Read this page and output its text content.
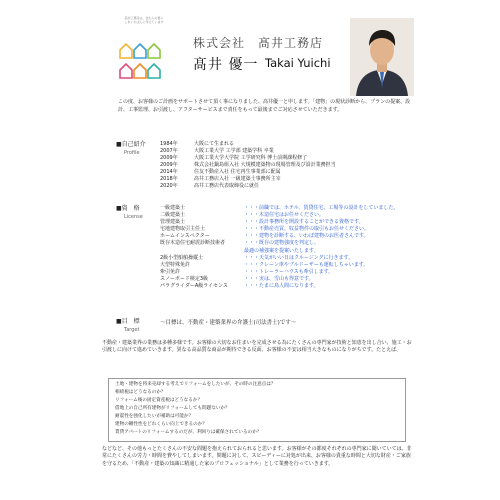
高井工務店は、住む人の暮らしをいちばんに考えています
株式会社　髙井工務店
髙井 優一 Takai Yuichi
この度、お客様のご計画をサポートさせて頂く事になりました、髙井優一と申します。「建物」の現状診断から、プランの提案、設計、工事監理、お引渡し、アフターサービスまで責任をもって最後までご対応させていただきます。
■自己紹介
Profile
1984年	大阪にて生まれる
2007年	大阪工業大学 工学部 建築学科 卒業
2009年	大阪工業大学大学院 工学研究科 博士前期課程修了
2009年	株式会社鍋島組入社 大規模建築物の現場管理及び設計業務担当
2014年	住友不動産入社 住宅再生事業部に配属
2018年	髙井工務店入社 一級建築士事務所主宰
2020年	髙井工務店代表取締役に就任
■資　格
License
一級建築士	・・・前職では、ホテル、賃貸住宅、工場等の設計をしていました。
二級建築士	・・・木造住宅はお任せください。
管理建築士	・・・設計事務所を開設することができる資格です。
宅地建物取引主任士	・・・不動産売買、収益物件の取引もお任せください。
ホームインスペクター	・・・建物を診断する、いわば建物のお医者さんです。
既存木造住宅耐震診断技術者	・・・既存の建物強度を判定し、
最適の補強案を提案いたします。
2級小型船舶操縦士	・・・天気がいい日はクルージングに行きます。
大型特殊免許	・・・クレーン車やブルドーザーも運転しちゃいます。
牽引免許	・・・トレーラーハウスも牽引します。
スノーボード検定3級	・・・実は、雪山も得意です。
パラグライダーA級ライセンス	・・・たまに鳥人間になります。
■目　標
Target
～目標は、不動産・建築業界の弁護士(司法書士)です～
不動産・建築業界の業務は多種多様です。お客様の大切なお住まいを完成させる為にたくさんの専門家が技術と知恵を出し合い、施工・お引渡しに向けて進めていきます。異なる高品質な商品が期待できる反面、お客様の不安は相当大きなものになりがちです。たとえば、
土地・建物を将来売却する考えでリフォームをしたいが、その時の注意点は？
相続税はどうなるのか？
リフォーム後の固定資産税はどうなるか？
借地上の自己所有建物がリフォームしても問題ないか？
耐震性を強化したいが補助は可能か？
建物の剛性性をどれくらい向上できるのか？
賃貸アパートのリフォームするのだが、利回りは確保されているのか？
などなど、その他もっとたくさんの不安な問題を抱えられておられると思います。お客様がその都度それぞれの専門家に聞いていては、非常にたくさんの労力・時間を費やしてしまいます。問題に対して、スピーディーに対処が出来、お客様の貴重な時間と大切な財産・ご家族を守るため、「不動産・建築の知識に精通した家のプロフェッショナル」として業務を行っていきます。
